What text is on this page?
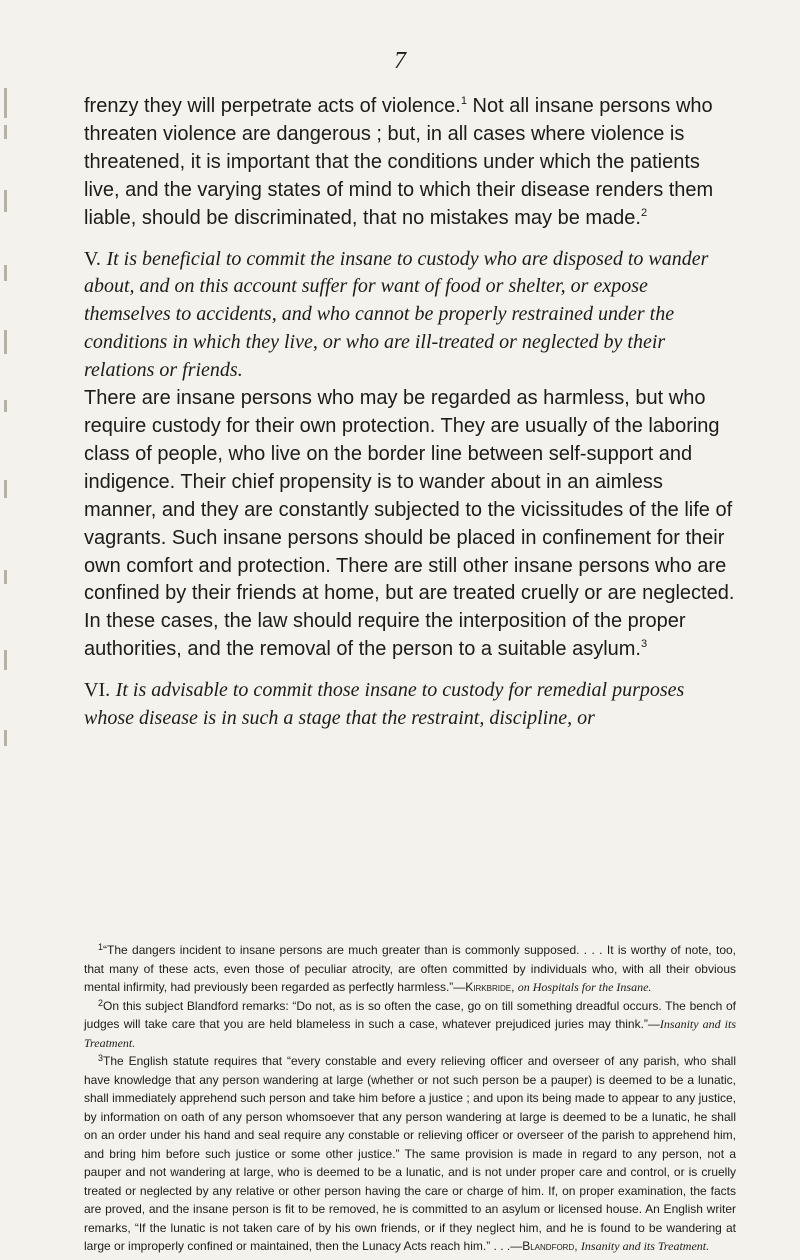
7

frenzy they will perpetrate acts of violence.$^1$ Not all insane persons who threaten violence are dangerous ; but, in all cases where violence is threatened, it is important that the conditions under which the patients live, and the varying states of mind to which their disease renders them liable, should be discriminated, that no mistakes may be made.$^2$

V. It is beneficial to commit the insane to custody who are disposed to wander about, and on this account suffer for want of food or shelter, or expose themselves to accidents, and who cannot be properly restrained under the conditions in which they live, or who are ill-treated or neglected by their relations or friends.

There are insane persons who may be regarded as harmless, but who require custody for their own protection. They are usually of the laboring class of people, who live on the border line between self-support and indigence. Their chief propensity is to wander about in an aimless manner, and they are constantly subjected to the vicissitudes of the life of vagrants. Such insane persons should be placed in confinement for their own comfort and protection. There are still other insane persons who are confined by their friends at home, but are treated cruelly or are neglected. In these cases, the law should require the interposition of the proper authorities, and the removal of the person to a suitable asylum.$^3$

VI. It is advisable to commit those insane to custody for remedial purposes whose disease is in such a stage that the restraint, discipline, or

$^1$“The dangers incident to insane persons are much greater than is commonly supposed. . . . It is worthy of note, too, that many of these acts, even those of peculiar atrocity, are often committed by individuals who, with all their obvious mental infirmity, had previously been regarded as perfectly harmless.”—Kirkbride, on Hospitals for the Insane.

$^2$On this subject Blandford remarks: “Do not, as is so often the case, go on till something dreadful occurs. The bench of judges will take care that you are held blameless in such a case, whatever prejudiced juries may think.”—Insanity and its Treatment.

$^3$The English statute requires that “every constable and every relieving officer and overseer of any parish, who shall have knowledge that any person wandering at large (whether or not such person be a pauper) is deemed to be a lunatic, shall immediately apprehend such person and take him before a justice ; and upon its being made to appear to any justice, by information on oath of any person whomsoever that any person wandering at large is deemed to be a lunatic, he shall on an order under his hand and seal require any constable or relieving officer or overseer of the parish to apprehend him, and bring him before such justice or some other justice.” The same provision is made in regard to any person, not a pauper and not wandering at large, who is deemed to be a lunatic, and is not under proper care and control, or is cruelly treated or neglected by any relative or other person having the care or charge of him. If, on proper examination, the facts are proved, and the insane person is fit to be removed, he is committed to an asylum or licensed house. An English writer remarks, “If the lunatic is not taken care of by his own friends, or if they neglect him, and he is found to be wandering at large or improperly confined or maintained, then the Lunacy Acts reach him.” . . .—Blandford, Insanity and its Treatment.
